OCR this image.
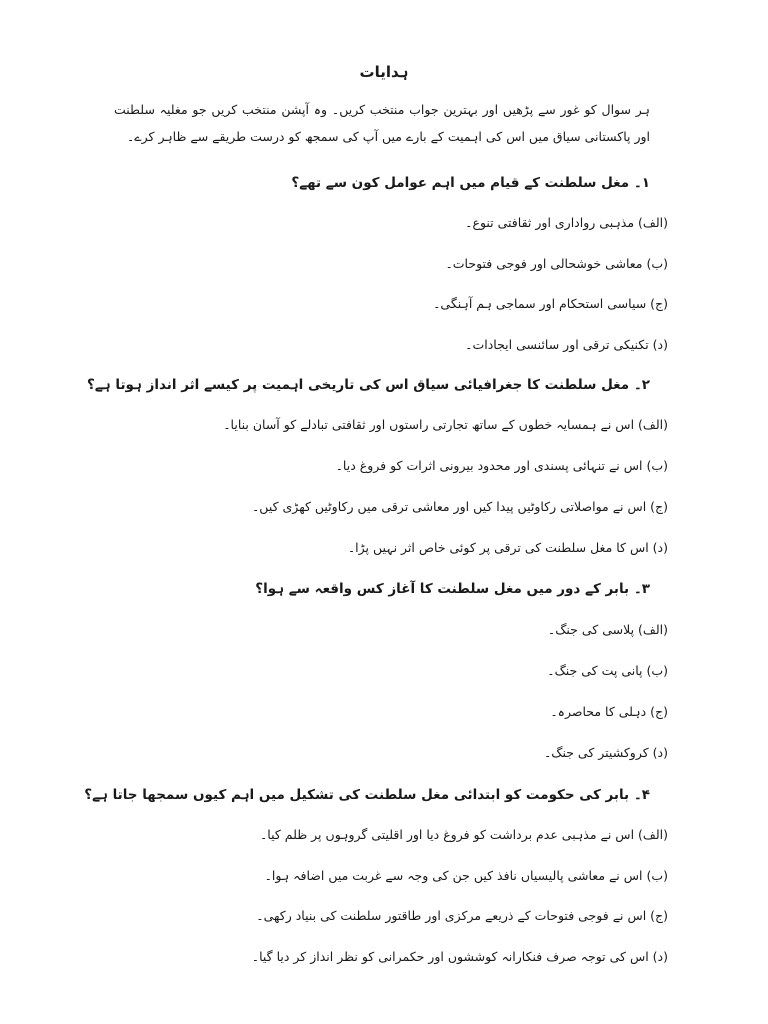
ہدایات

ہر سوال کو غور سے پڑھیں اور بہترین جواب منتخب کریں۔ وہ آپشن منتخب کریں جو مغلیہ سلطنت اور پاکستانی سیاق میں اس کی اہمیت کے بارے میں آپ کی سمجھ کو درست طریقے سے ظاہر کرے۔

۱۔ مغل سلطنت کے قیام میں اہم عوامل کون سے تھے؟

(الف) مذہبی رواداری اور ثقافتی تنوع۔

(ب) معاشی خوشحالی اور فوجی فتوحات۔

(ج) سیاسی استحکام اور سماجی ہم آہنگی۔

(د) تکنیکی ترقی اور سائنسی ایجادات۔

۲۔ مغل سلطنت کا جغرافیائی سیاق اس کی تاریخی اہمیت پر کیسے اثر انداز ہوتا ہے؟

(الف) اس نے ہمسایہ خطوں کے ساتھ تجارتی راستوں اور ثقافتی تبادلے کو آسان بنایا۔

(ب) اس نے تنہائی پسندی اور محدود بیرونی اثرات کو فروغ دیا۔

(ج) اس نے مواصلاتی رکاوٹیں پیدا کیں اور معاشی ترقی میں رکاوٹیں کھڑی کیں۔

(د) اس کا مغل سلطنت کی ترقی پر کوئی خاص اثر نہیں پڑا۔

۳۔ بابر کے دور میں مغل سلطنت کا آغاز کس واقعہ سے ہوا؟

(الف) پلاسی کی جنگ۔

(ب) پانی پت کی جنگ۔

(ج) دہلی کا محاصرہ۔

(د) کروکشیتر کی جنگ۔

۴۔ بابر کی حکومت کو ابتدائی مغل سلطنت کی تشکیل میں اہم کیوں سمجھا جاتا ہے؟

(الف) اس نے مذہبی عدم برداشت کو فروغ دیا اور اقلیتی گروہوں پر ظلم کیا۔

(ب) اس نے معاشی پالیسیاں نافذ کیں جن کی وجہ سے غربت میں اضافہ ہوا۔

(ج) اس نے فوجی فتوحات کے ذریعے مرکزی اور طاقتور سلطنت کی بنیاد رکھی۔

(د) اس کی توجہ صرف فنکارانہ کوششوں اور حکمرانی کو نظر انداز کر دیا گیا۔
